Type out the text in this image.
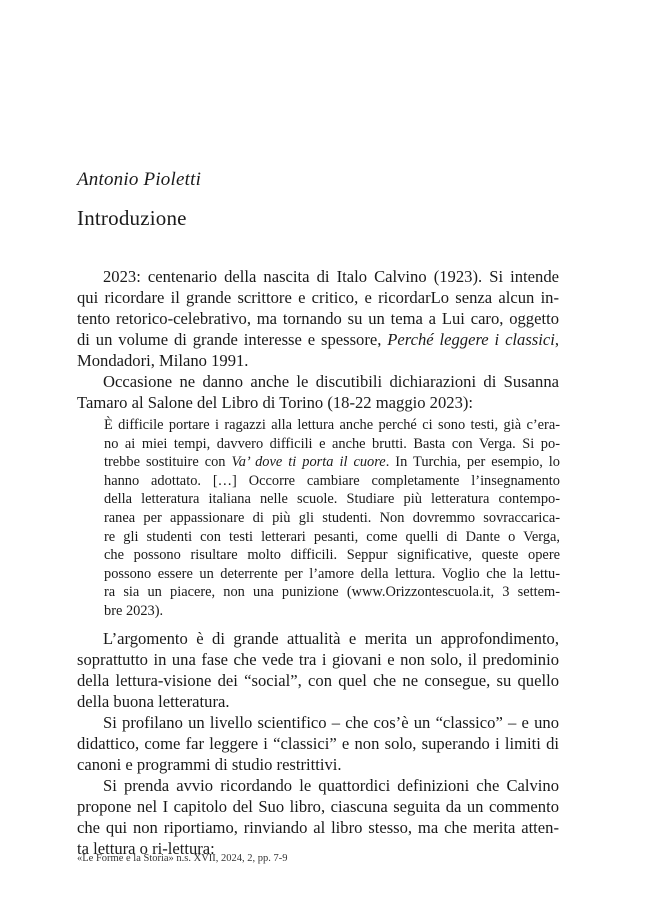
Antonio Pioletti
Introduzione
2023: centenario della nascita di Italo Calvino (1923). Si intende
qui ricordare il grande scrittore e critico, e ricordarLo senza alcun in-
tento retorico-celebrativo, ma tornando su un tema a Lui caro, oggetto
di un volume di grande interesse e spessore, Perché leggere i classici,
Mondadori, Milano 1991.
Occasione ne danno anche le discutibili dichiarazioni di Susanna
Tamaro al Salone del Libro di Torino (18-22 maggio 2023):
È difficile portare i ragazzi alla lettura anche perché ci sono testi, già c’era-
no ai miei tempi, davvero difficili e anche brutti. Basta con Verga. Si po-
trebbe sostituire con Va’ dove ti porta il cuore. In Turchia, per esempio, lo
hanno adottato. […] Occorre cambiare completamente l’insegnamento
della letteratura italiana nelle scuole. Studiare più letteratura contempo-
ranea per appassionare di più gli studenti. Non dovremmo sovraccarica-
re gli studenti con testi letterari pesanti, come quelli di Dante o Verga,
che possono risultare molto difficili. Seppur significative, queste opere
possono essere un deterrente per l’amore della lettura. Voglio che la lettu-
ra sia un piacere, non una punizione (www.Orizzontescuola.it, 3 settem-
bre 2023).
L’argomento è di grande attualità e merita un approfondimento,
soprattutto in una fase che vede tra i giovani e non solo, il predominio
della lettura-visione dei “social”, con quel che ne consegue, su quello
della buona letteratura.
Si profilano un livello scientifico – che cos’è un “classico” – e uno
didattico, come far leggere i “classici” e non solo, superando i limiti di
canoni e programmi di studio restrittivi.
Si prenda avvio ricordando le quattordici definizioni che Calvino
propone nel I capitolo del Suo libro, ciascuna seguita da un commento
che qui non riportiamo, rinviando al libro stesso, ma che merita atten-
ta lettura o ri-lettura:
«Le Forme e la Storia» n.s. XVII, 2024, 2, pp. 7-9
